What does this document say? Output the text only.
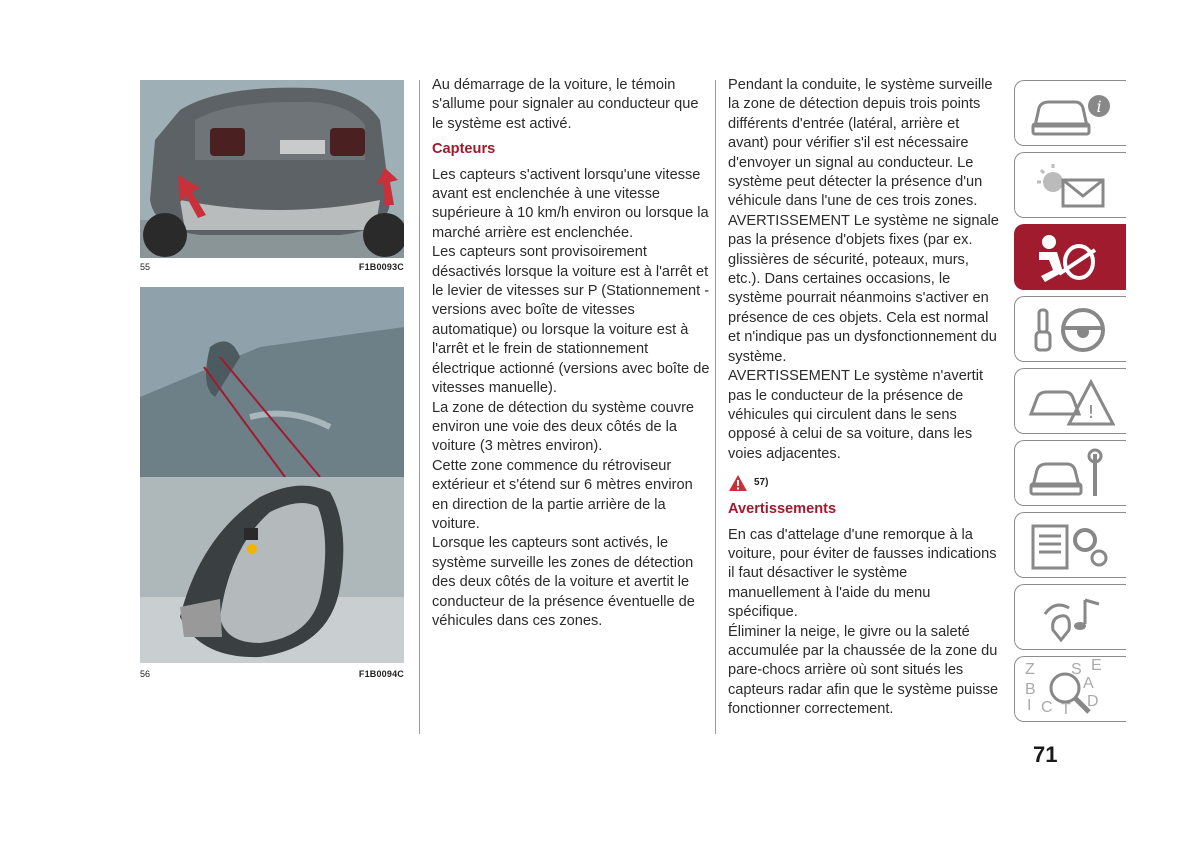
55	F1B0093C
56	F1B0094C

Au démarrage de la voiture, le témoin s'allume pour signaler au conducteur que le système est activé.

Capteurs

Les capteurs s'activent lorsqu'une vitesse avant est enclenchée à une vitesse supérieure à 10 km/h environ ou lorsque la marché arrière est enclenchée.

Les capteurs sont provisoirement désactivés lorsque la voiture est à l'arrêt et le levier de vitesses sur P (Stationnement - versions avec boîte de vitesses automatique) ou lorsque la voiture est à l'arrêt et le frein de stationnement électrique actionné (versions avec boîte de vitesses manuelle).

La zone de détection du système couvre environ une voie des deux côtés de la voiture (3 mètres environ).

Cette zone commence du rétroviseur extérieur et s'étend sur 6 mètres environ en direction de la partie arrière de la voiture.

Lorsque les capteurs sont activés, le système surveille les zones de détection des deux côtés de la voiture et avertit le conducteur de la présence éventuelle de véhicules dans ces zones.

Pendant la conduite, le système surveille la zone de détection depuis trois points différents d'entrée (latéral, arrière et avant) pour vérifier s'il est nécessaire d'envoyer un signal au conducteur. Le système peut détecter la présence d'un véhicule dans l'une de ces trois zones.

AVERTISSEMENT Le système ne signale pas la présence d'objets fixes (par ex. glissières de sécurité, poteaux, murs, etc.). Dans certaines occasions, le système pourrait néanmoins s'activer en présence de ces objets. Cela est normal et n'indique pas un dysfonctionnement du système.

AVERTISSEMENT Le système n'avertit pas le conducteur de la présence de véhicules qui circulent dans le sens opposé à celui de sa voiture, dans les voies adjacentes.

57)
Avertissements

En cas d'attelage d'une remorque à la voiture, pour éviter de fausses indications il faut désactiver le système manuellement à l'aide du menu spécifique.

Éliminer la neige, le givre ou la saleté accumulée par la chaussée de la zone du pare-chocs arrière où sont situés les capteurs radar afin que le système puisse fonctionner correctement.

i
!
Z	E
B	A
C T D
S
I
71
